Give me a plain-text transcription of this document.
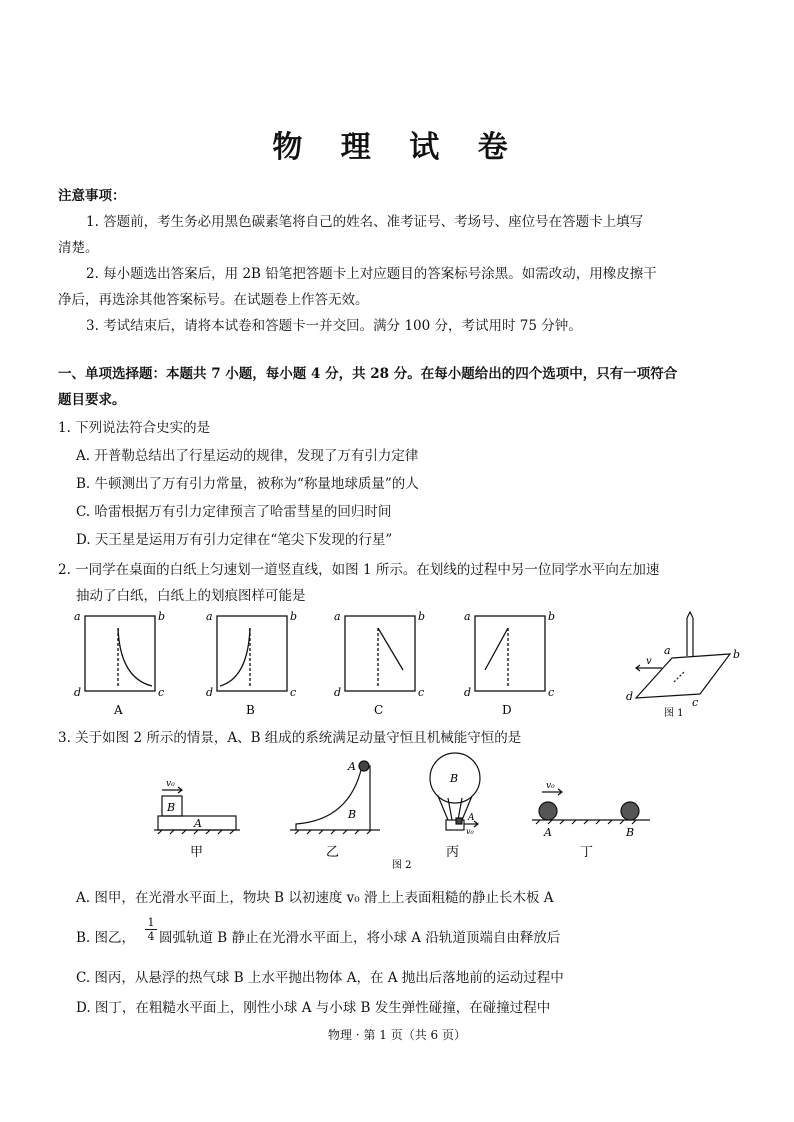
物 理 试 卷
注意事项：
1. 答题前，考生务必用黑色碳素笔将自己的姓名、准考证号、考场号、座位号在答题卡上填写
清楚。
2. 每小题选出答案后，用 2B 铅笔把答题卡上对应题目的答案标号涂黑。如需改动，用橡皮擦干
净后，再选涂其他答案标号。在试题卷上作答无效。
3. 考试结束后，请将本试卷和答题卡一并交回。满分 100 分，考试用时 75 分钟。
一、单项选择题：本题共 7 小题，每小题 4 分，共 28 分。在每小题给出的四个选项中，只有一项符合
题目要求。
1. 下列说法符合史实的是
A. 开普勒总结出了行星运动的规律，发现了万有引力定律
B. 牛顿测出了万有引力常量，被称为“称量地球质量”的人
C. 哈雷根据万有引力定律预言了哈雷彗星的回归时间
D. 天王星是运用万有引力定律在“笔尖下发现的行星”
2. 一同学在桌面的白纸上匀速划一道竖直线，如图 1 所示。在划线的过程中另一位同学水平向左加速
抽动了白纸，白纸上的划痕图样可能是
a	b
d	c
A
a	b
d	c
B
a	b
d	c
C
a	b
d	c
D
v
a	b
d	c
图 1
3. 关于如图 2 所示的情景，A、B 组成的系统满足动量守恒且机械能守恒的是
v₀
B
A
甲
A
B
乙
B
A
v₀
丙
v₀
A	B
丁
图 2
A. 图甲，在光滑水平面上，物块 B 以初速度 v₀ 滑上上表面粗糙的静止长木板 A
B. 图乙， $\frac{1}{4}$ 圆弧轨道 B 静止在光滑水平面上，将小球 A 沿轨道顶端自由释放后
C. 图丙，从悬浮的热气球 B 上水平抛出物体 A，在 A 抛出后落地前的运动过程中
D. 图丁，在粗糙水平面上，刚性小球 A 与小球 B 发生弹性碰撞，在碰撞过程中
物理 · 第 1 页（共 6 页）
